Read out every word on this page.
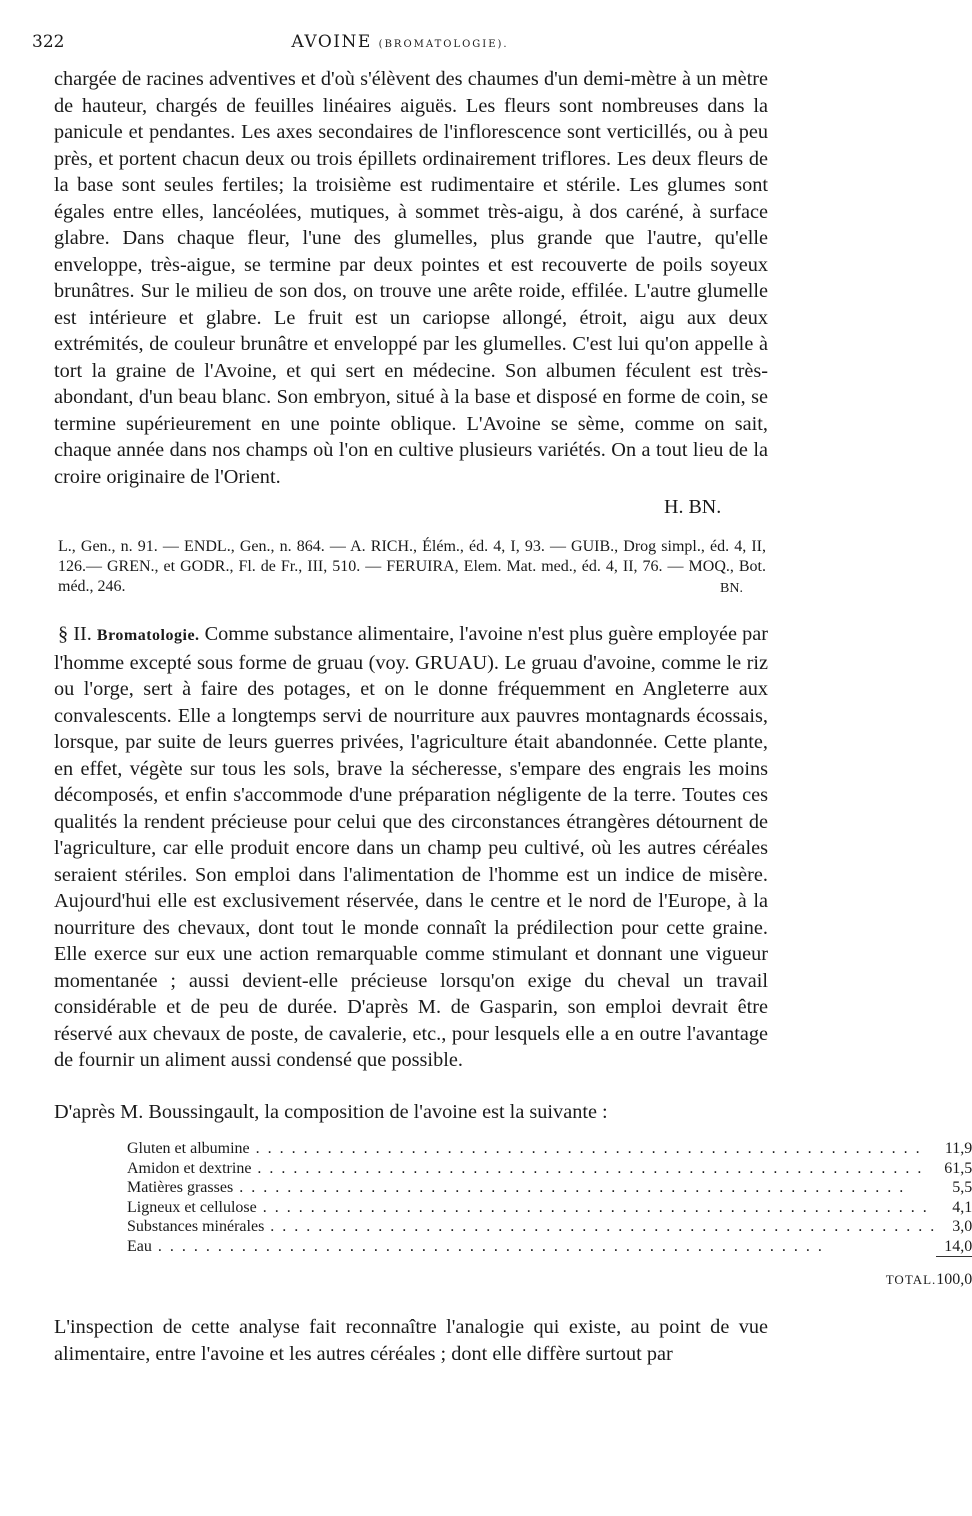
322	AVOINE (BROMATOLOGIE).

chargée de racines adventives et d'où s'élèvent des chaumes d'un demi-mètre à un mètre de hauteur, chargés de feuilles linéaires aiguës. Les fleurs sont nombreuses dans la panicule et pendantes. Les axes secondaires de l'inflorescence sont verticillés, ou à peu près, et portent chacun deux ou trois épillets ordinairement triflores. Les deux fleurs de la base sont seules fertiles; la troisième est rudimentaire et stérile. Les glumes sont égales entre elles, lancéolées, mutiques, à sommet très-aigu, à dos caréné, à surface glabre. Dans chaque fleur, l'une des glumelles, plus grande que l'autre, qu'elle enveloppe, très-aigue, se termine par deux pointes et est recouverte de poils soyeux brunâtres. Sur le milieu de son dos, on trouve une arête roide, effilée. L'autre glumelle est intérieure et glabre. Le fruit est un cariopse allongé, étroit, aigu aux deux extrémités, de couleur brunâtre et enveloppé par les glumelles. C'est lui qu'on appelle à tort la graine de l'Avoine, et qui sert en médecine. Son albumen féculent est très-abondant, d'un beau blanc. Son embryon, situé à la base et disposé en forme de coin, se termine supérieurement en une pointe oblique. L'Avoine se sème, comme on sait, chaque année dans nos champs où l'on en cultive plusieurs variétés. On a tout lieu de la croire originaire de l'Orient.

H. BN.

L., Gen., n. 91. — ENDL., Gen., n. 864. — A. RICH., Élém., éd. 4, I, 93. — GUIB., Drog simpl., éd. 4, II, 126.— GREN., et GODR., Fl. de Fr., III, 510. — FERUIRA, Elem. Mat. med., éd. 4, II, 76. — MOQ., Bot. méd., 246.	BN.

§ II. Bromatologie. Comme substance alimentaire, l'avoine n'est plus guère employée par l'homme excepté sous forme de gruau (voy. GRUAU). Le gruau d'avoine, comme le riz ou l'orge, sert à faire des potages, et on le donne fréquemment en Angleterre aux convalescents. Elle a longtemps servi de nourriture aux pauvres montagnards écossais, lorsque, par suite de leurs guerres privées, l'agriculture était abandonnée. Cette plante, en effet, végète sur tous les sols, brave la sécheresse, s'empare des engrais les moins décomposés, et enfin s'accommode d'une préparation négligente de la terre. Toutes ces qualités la rendent précieuse pour celui que des circonstances étrangères détournent de l'agriculture, car elle produit encore dans un champ peu cultivé, où les autres céréales seraient stériles. Son emploi dans l'alimentation de l'homme est un indice de misère. Aujourd'hui elle est exclusivement réservée, dans le centre et le nord de l'Europe, à la nourriture des chevaux, dont tout le monde connaît la prédilection pour cette graine. Elle exerce sur eux une action remarquable comme stimulant et donnant une vigueur momentanée ; aussi devient-elle précieuse lorsqu'on exige du cheval un travail considérable et de peu de durée. D'après M. de Gasparin, son emploi devrait être réservé aux chevaux de poste, de cavalerie, etc., pour lesquels elle a en outre l'avantage de fournir un aliment aussi condensé que possible.

D'après M. Boussingault, la composition de l'avoine est la suivante :

Gluten et albumine . . .	11,9
Amidon et dextrine . . .	61,5
Matières grasses . . .	5,5
Ligneux et cellulose . . .	4,1
Substances minérales . . .	3,0
Eau . . .	14,0
TOTAL.	100,0

L'inspection de cette analyse fait reconnaître l'analogie qui existe, au point de vue alimentaire, entre l'avoine et les autres céréales ; dont elle diffère surtout par
